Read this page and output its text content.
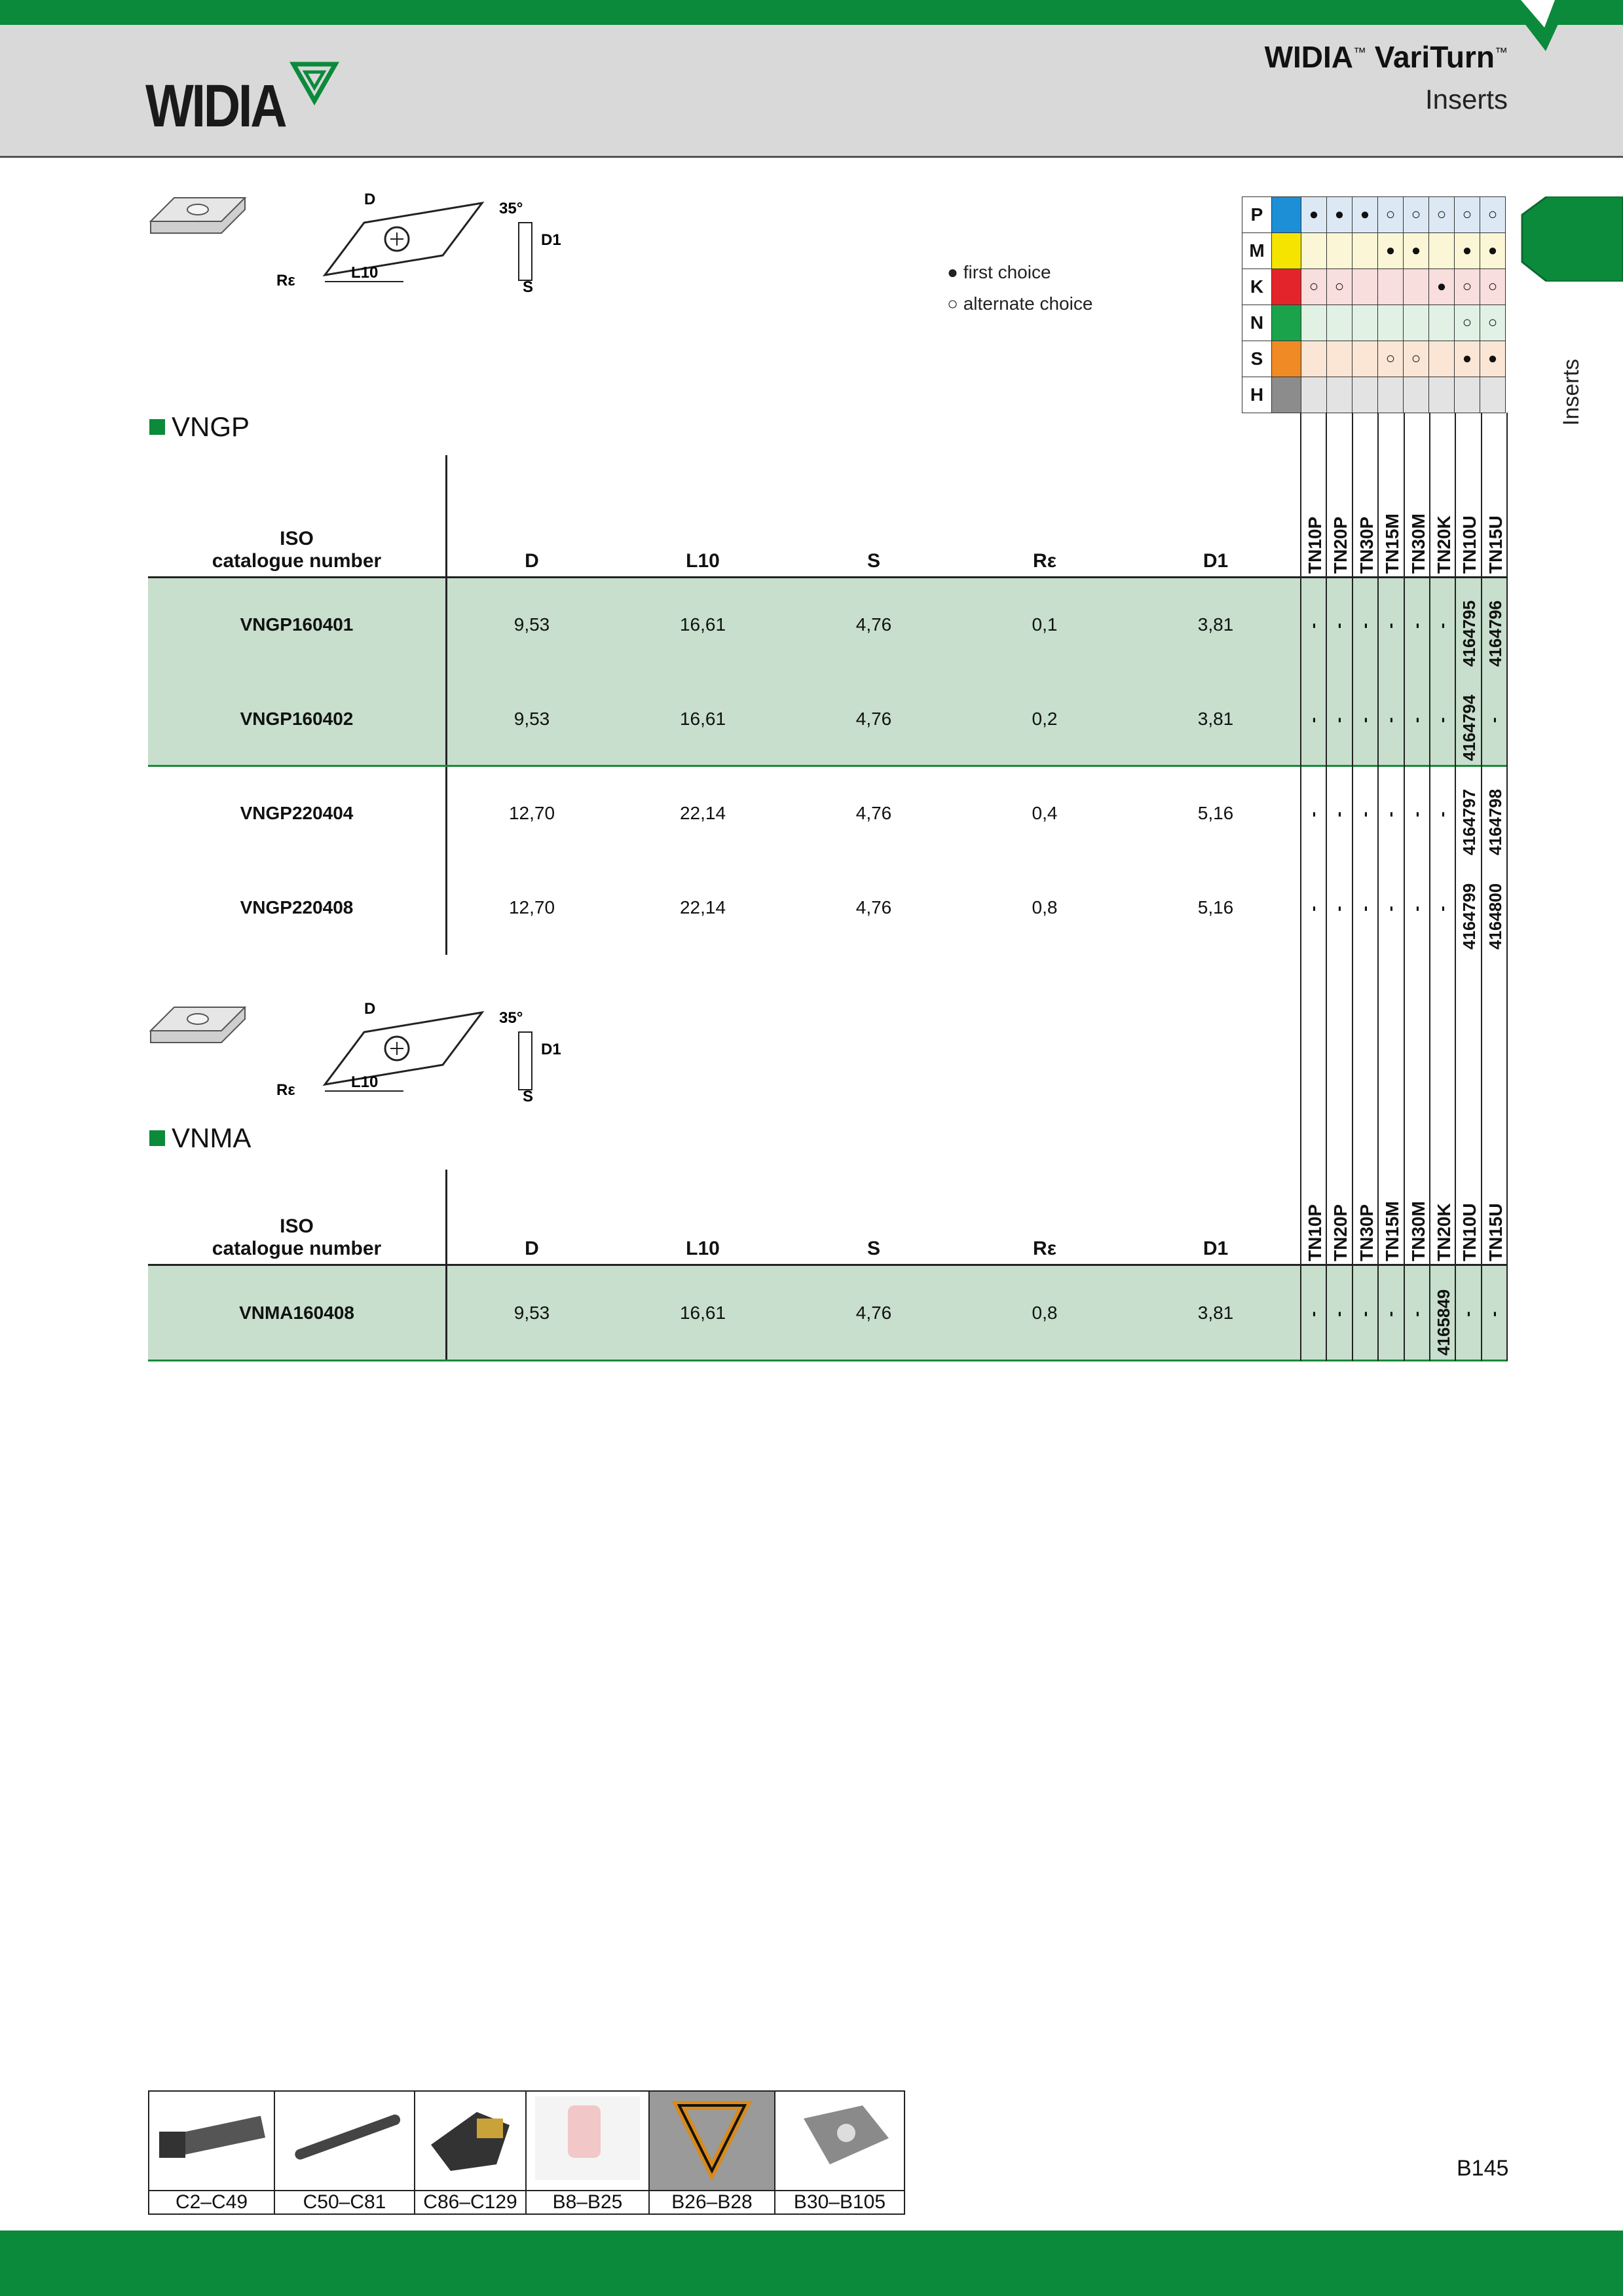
WIDIA
WIDIA™ VariTurn™
Inserts
Inserts
● first choice
○ alternate choice
P		●	●	●	○	○	○	○	○
M					●	●		●	●
K		○	○				●	○	○
N								○	○
S					○	○		●	●
H									
L10
Rε
D
35°
D1
S
L10
Rε
D
35°
D1
S
VNGP
VNMA
ISO
catalogue number	D	L10	S	Rε	D1	TN10P TN20P TN30P TN15M TN30M TN20K TN10U TN15U
VNGP160401	9,53	16,61	4,76	0,1	3,81	- - - - - - 4164795 4164796
VNGP160402	9,53	16,61	4,76	0,2	3,81	- - - - - - 4164794 -
VNGP220404	12,70	22,14	4,76	0,4	5,16	- - - - - - 4164797 4164798
VNGP220408	12,70	22,14	4,76	0,8	5,16	- - - - - - 4164799 4164800
ISO
catalogue number	D	L10	S	Rε	D1	TN10P TN20P TN30P TN15M TN30M TN20K TN10U TN15U
VNMA160408	9,53	16,61	4,76	0,8	3,81	- - - - - 4165849 - -

C2–C49	C50–C81	C86–C129	B8–B25	B26–B28	B30–B105
B145
